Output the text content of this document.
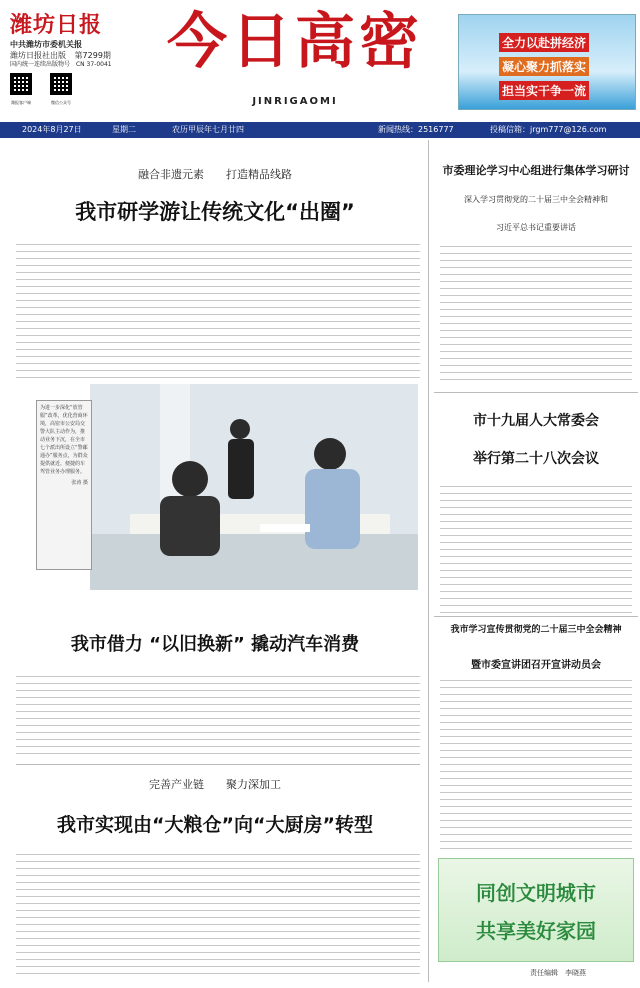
潍坊日报
中共潍坊市委机关报
潍坊日报社出版 第7299期
国内统一连续出版物号 CN 37-0041
潍报客户端	微信公众号
今日高密
JINRIGAOMI
全力以赴拼经济
凝心聚力抓落实
担当实干争一流
2024年8月27日	星期二	农历甲辰年七月廿四	新闻热线：2516777	投稿信箱：jrgm777@126.com
融合非遗元素　　打造精品线路
我市研学游让传统文化“出圈”
为进一步深化“放管服”改革，优化营商环境，高密市公安局交警大队主动作为，推动业务下沉，在全市七个派出所设立“警邮通办”服务点，为群众提供就近、便捷的车驾管业务办理服务。
张涛 摄
我市借力 “以旧换新” 撬动汽车消费
完善产业链　　聚力深加工
我市实现由“大粮仓”向“大厨房”转型
市委理论学习中心组进行集体学习研讨
深入学习贯彻党的二十届三中全会精神和
习近平总书记重要讲话
市十九届人大常委会
举行第二十八次会议
我市学习宣传贯彻党的二十届三中全会精神
暨市委宣讲团召开宣讲动员会
同创文明城市
共享美好家园
责任编辑　李晓燕
